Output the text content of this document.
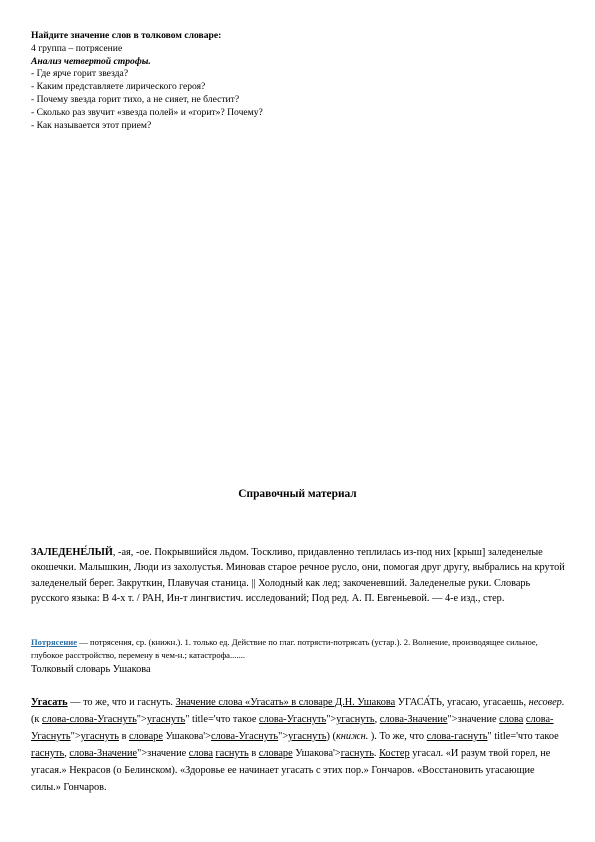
Найдите значение слов в толковом словаре:
4 группа – потрясение
Анализ четвертой строфы.
- Где ярче горит звезда?
- Каким представляете лирического героя?
- Почему звезда горит тихо, а не сияет, не блестит?
- Сколько раз звучит «звезда полей» и «горит»? Почему?
- Как называется этот прием?
Справочный материал
ЗАЛЕДЕНЕ́ЛЫЙ, -ая, -ое. Покрывшийся льдом. Тоскливо, придавленно теплилась из-под них [крыш] заледенелые окошечки. Малышкин, Люди из захолустья. Миновав старое речное русло, они, помогая друг другу, выбрались на крутой заледенелый берег. Закруткин, Плавучая станица. || Холодный как лед; закоченевший. Заледенелые руки. Словарь русского языка: В 4-х т. / РАН, Ин-т лингвистич. исследований; Под ред. А. П. Евгеньевой. — 4-е изд., стер.
Потрясение — потрясения, ср. (книжн.). 1. только ед. Действие по глаг. потрясти-потрясать (устар.). 2. Волнение, производящее сильное, глубокое расстройство, перемену в чем-н.; катастрофа.......
Толковый словарь Ушакова
Угасать — то же, что и гаснуть. Значение слова «Угасать» в словаре Д.Н. Ушакова УГАСА́ТЬ, угасаю, угасаешь, несовер. (к слова-слова-Угаснуть">угаснуть" title='что такое слова-Угаснуть">угаснуть, слова-Значение">значение слова слова-Угаснуть">угаснуть в словаре Ушакова'>слова-Угаснуть">угаснуть) (книжн. ). То же, что слова-гаснуть" title='что такое гаснуть, слова-Значение">значение слова гаснуть в словаре Ушакова'>гаснуть. Костер угасал. «И разум твой горел, не угасая.» Некрасов (о Белинском). «Здоровье ее начинает угасать с этих пор.» Гончаров. «Восстановить угасающие силы.» Гончаров.
